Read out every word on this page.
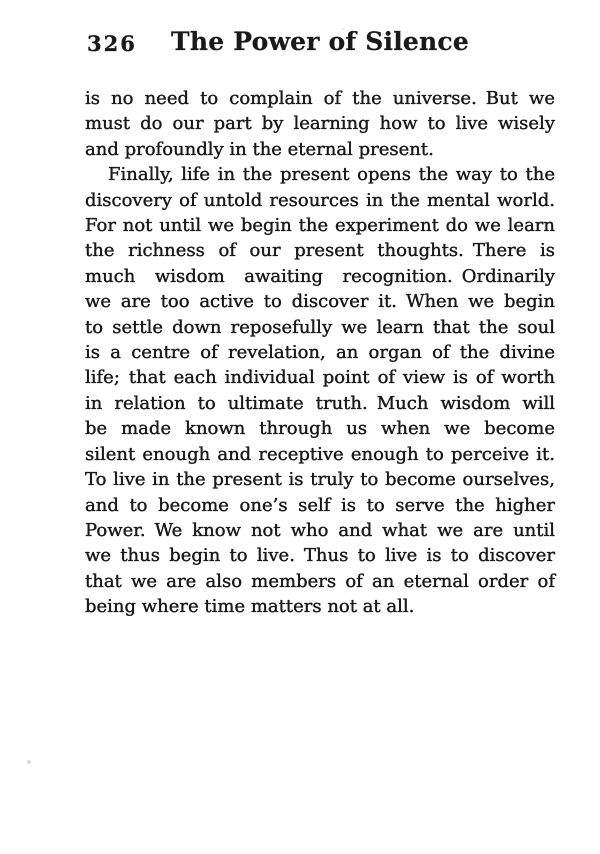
326	The Power of Silence
is no need to complain of the universe. But we
must do our part by learning how to live wisely
and profoundly in the eternal present.
Finally, life in the present opens the way to the
discovery of untold resources in the mental world.
For not until we begin the experiment do we learn
the richness of our present thoughts. There is
much wisdom awaiting recognition. Ordinarily
we are too active to discover it. When we begin
to settle down reposefully we learn that the soul
is a centre of revelation, an organ of the divine
life; that each individual point of view is of worth
in relation to ultimate truth. Much wisdom will
be made known through us when we become
silent enough and receptive enough to perceive it.
To live in the present is truly to become ourselves,
and to become one’s self is to serve the higher
Power. We know not who and what we are until
we thus begin to live. Thus to live is to discover
that we are also members of an eternal order of
being where time matters not at all.
